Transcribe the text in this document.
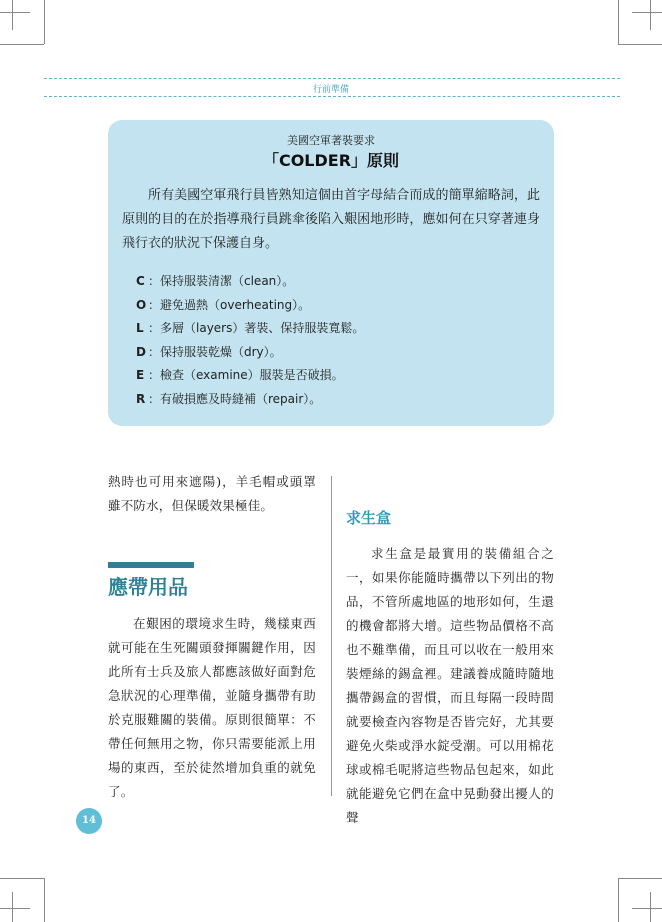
行前準備
美國空軍著裝要求
「COLDER」原則

所有美國空軍飛行員皆熟知這個由首字母結合而成的簡單縮略詞，此原則的目的在於指導飛行員跳傘後陷入艱困地形時，應如何在只穿著連身飛行衣的狀況下保護自身。

C ：保持服裝清潔（clean）。
O ：避免過熱（overheating）。
L ：多層（layers）著裝、保持服裝寬鬆。
D ：保持服裝乾燥（dry）。
E ：檢查（examine）服裝是否破損。
R ：有破損應及時縫補（repair）。

熱時也可用來遮陽)，羊毛帽或頭罩雖不防水，但保暖效果極佳。

應帶用品

在艱困的環境求生時，幾樣東西就可能在生死關頭發揮關鍵作用，因此所有士兵及旅人都應該做好面對危急狀況的心理準備，並隨身攜帶有助於克服難關的裝備。原則很簡單：不帶任何無用之物，你只需要能派上用場的東西，至於徒然增加負重的就免了。

求生盒

求生盒是最實用的裝備組合之一，如果你能隨時攜帶以下列出的物品，不管所處地區的地形如何，生還的機會都將大增。這些物品價格不高也不難準備，而且可以收在一般用來裝煙絲的錫盒裡。建議養成隨時隨地攜帶錫盒的習慣，而且每隔一段時間就要檢查內容物是否皆完好，尤其要避免火柴或淨水錠受潮。可以用棉花球或棉毛呢將這些物品包起來，如此就能避免它們在盒中晃動發出擾人的聲

14
